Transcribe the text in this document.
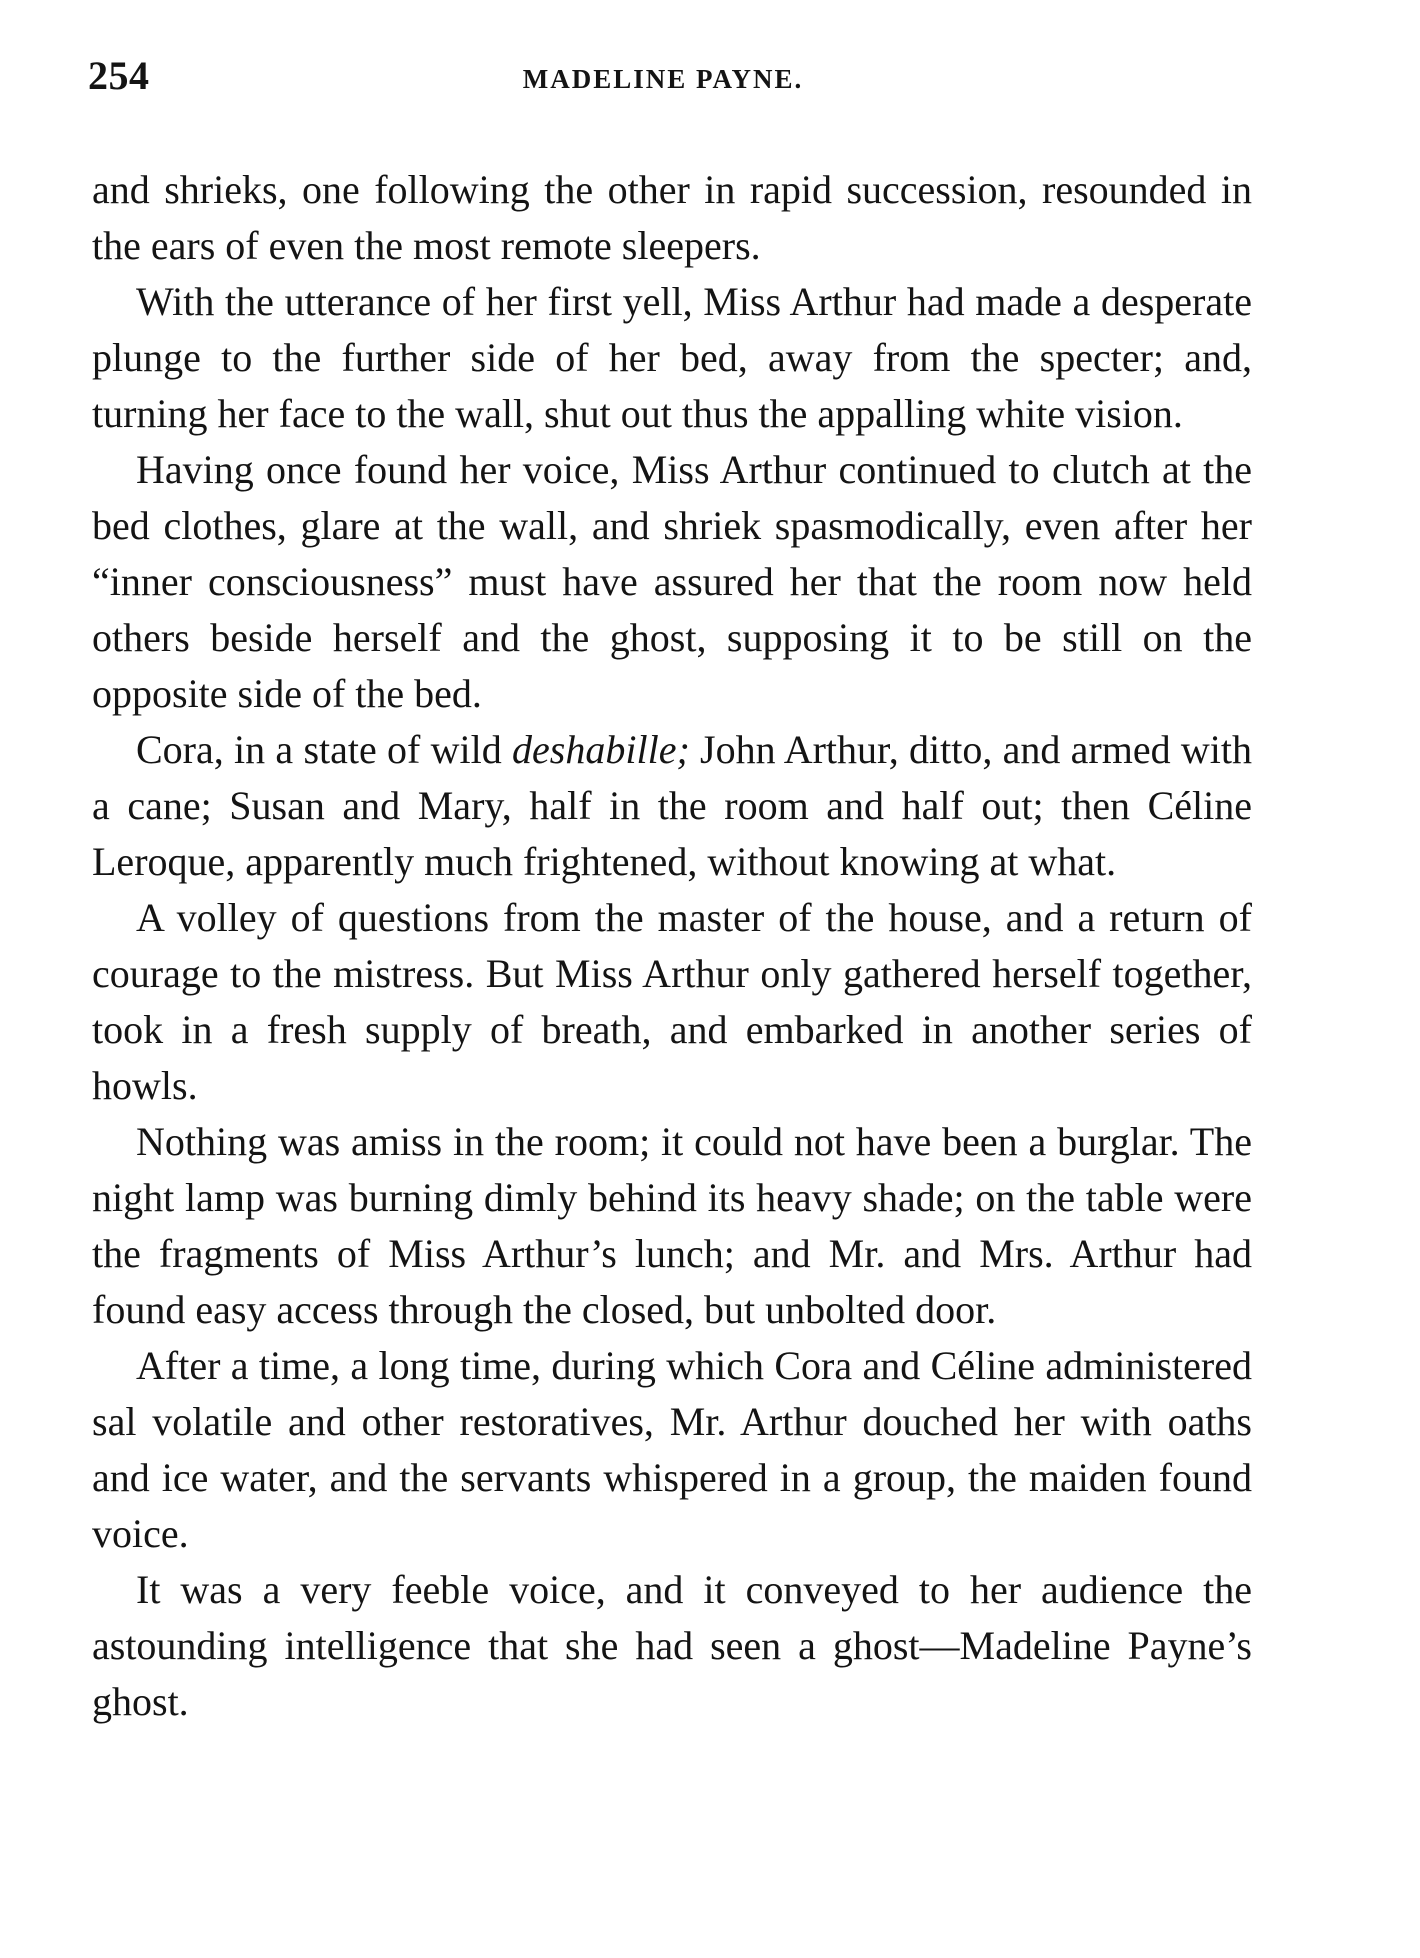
254	MADELINE PAYNE.

and shrieks, one following the other in rapid succession, resounded in the ears of even the most remote sleepers.

With the utterance of her first yell, Miss Arthur had made a desperate plunge to the further side of her bed, away from the specter; and, turning her face to the wall, shut out thus the appalling white vision.

Having once found her voice, Miss Arthur continued to clutch at the bed clothes, glare at the wall, and shriek spasmodically, even after her “inner consciousness” must have assured her that the room now held others beside herself and the ghost, supposing it to be still on the opposite side of the bed.

Cora, in a state of wild deshabille; John Arthur, ditto, and armed with a cane; Susan and Mary, half in the room and half out; then Céline Leroque, apparently much frightened, without knowing at what.

A volley of questions from the master of the house, and a return of courage to the mistress. But Miss Arthur only gathered herself together, took in a fresh supply of breath, and embarked in another series of howls.

Nothing was amiss in the room; it could not have been a burglar. The night lamp was burning dimly behind its heavy shade; on the table were the fragments of Miss Arthur’s lunch; and Mr. and Mrs. Arthur had found easy access through the closed, but unbolted door.

After a time, a long time, during which Cora and Céline administered sal volatile and other restoratives, Mr. Arthur douched her with oaths and ice water, and the servants whispered in a group, the maiden found voice.

It was a very feeble voice, and it conveyed to her audience the astounding intelligence that she had seen a ghost—Madeline Payne’s ghost.
